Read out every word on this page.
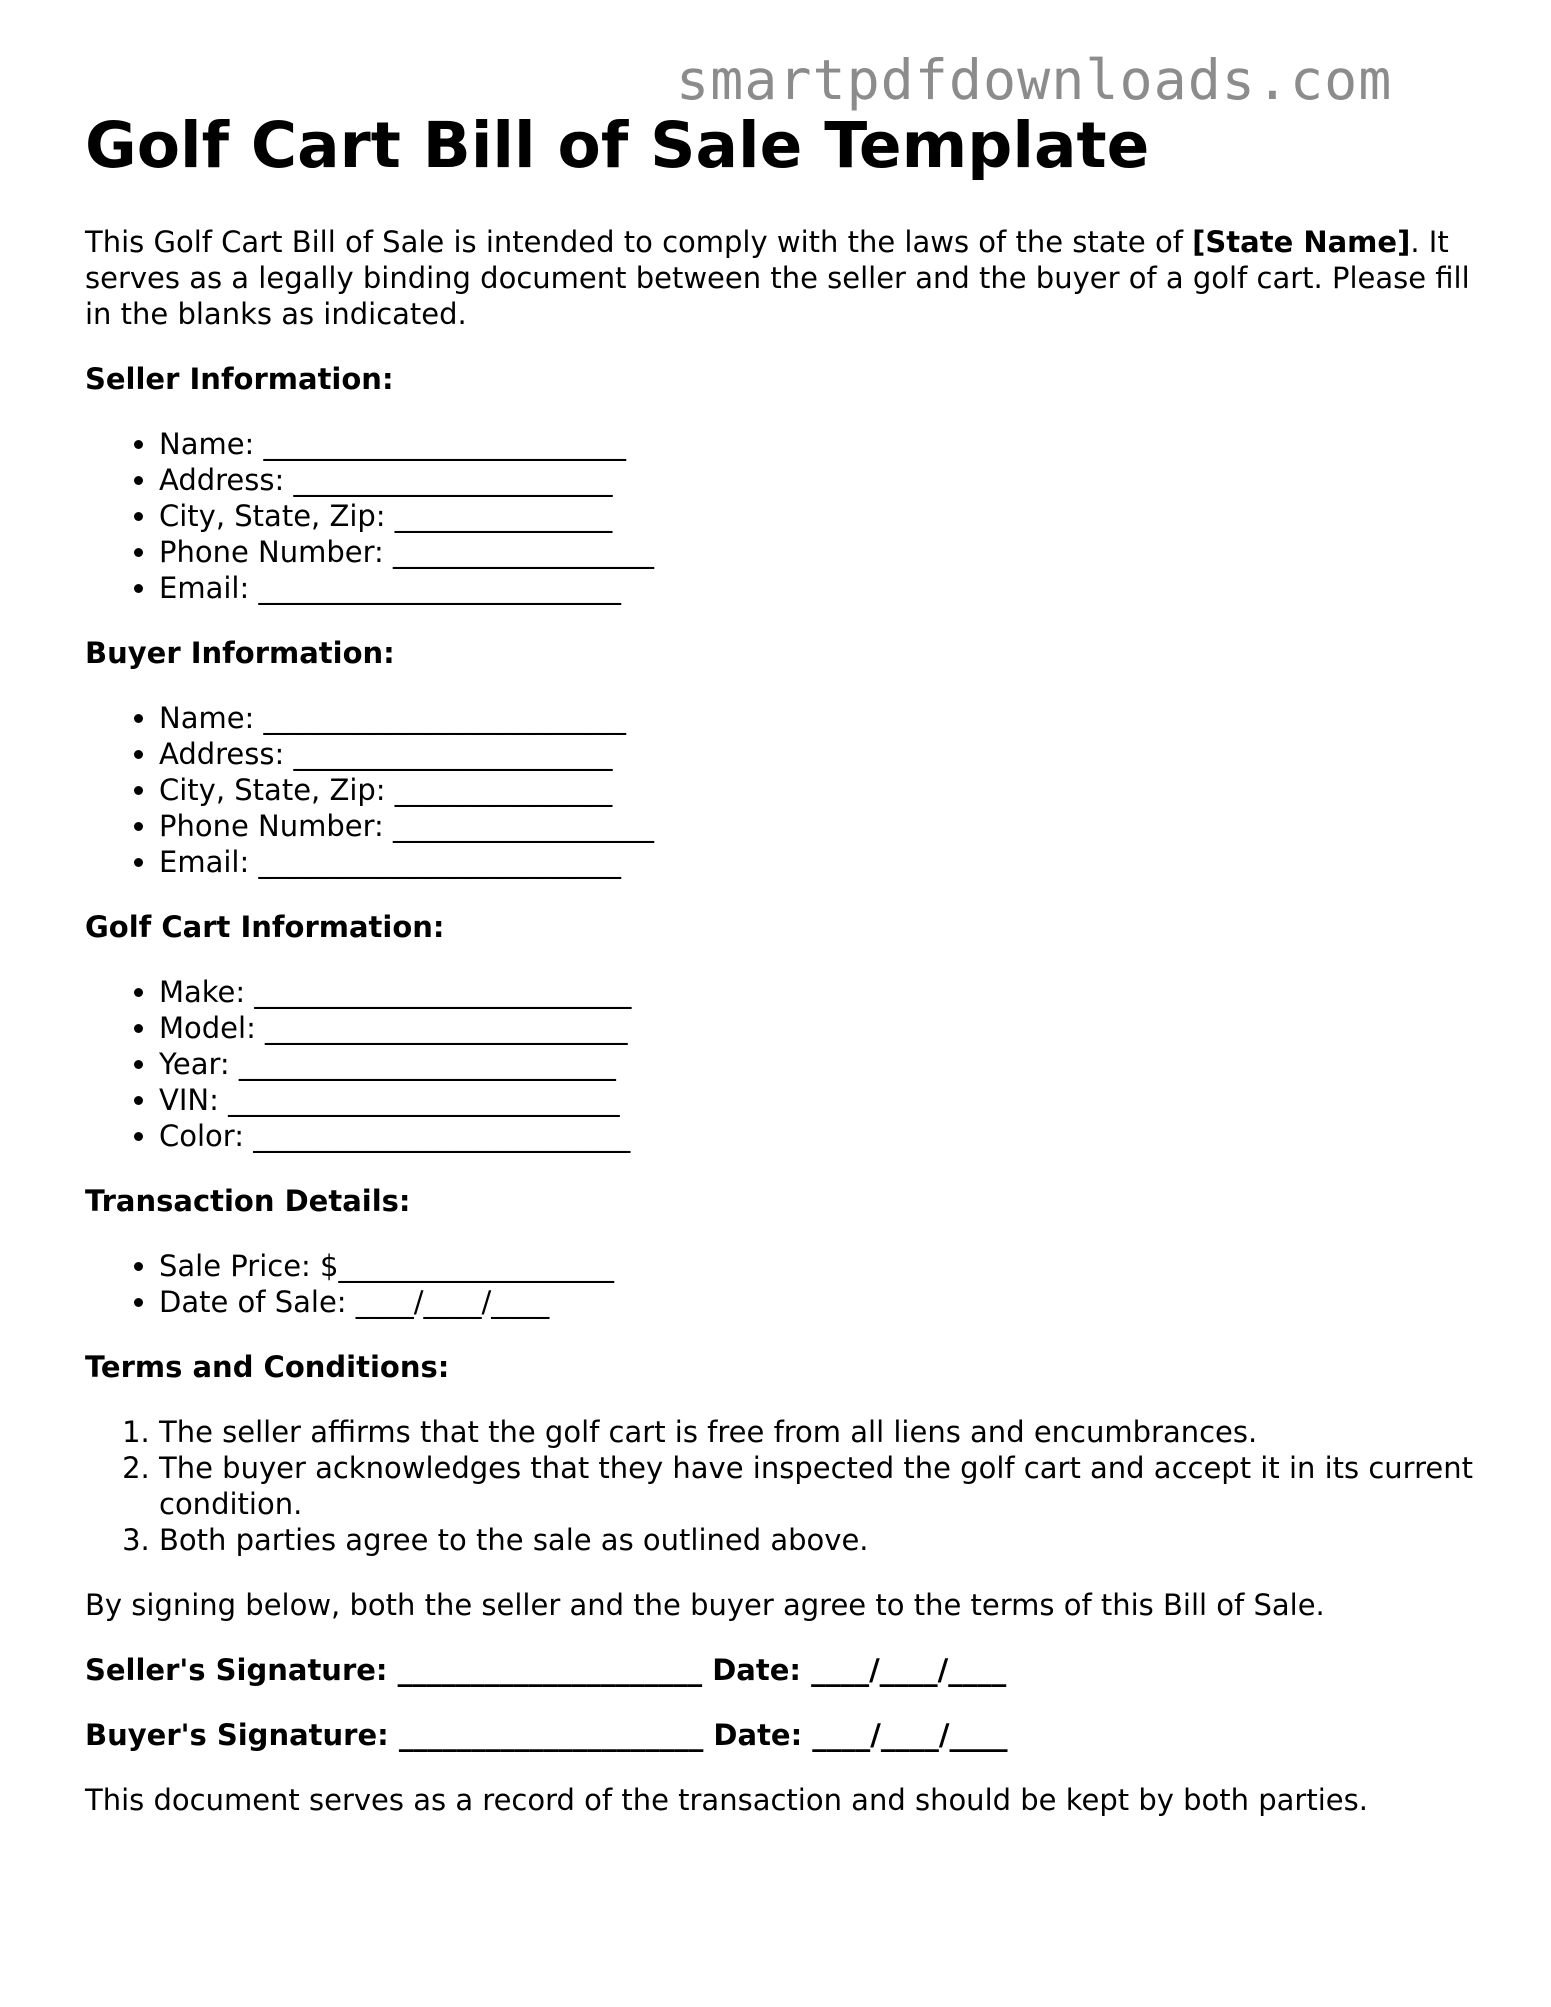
smartpdfdownloads.com
Golf Cart Bill of Sale Template

This Golf Cart Bill of Sale is intended to comply with the laws of the state of [State Name]. It serves as a legally binding document between the seller and the buyer of a golf cart. Please fill in the blanks as indicated.

Seller Information:
• Name: _________________________
• Address: ______________________
• City, State, Zip: _______________
• Phone Number: __________________
• Email: _________________________
Buyer Information:
• Name: _________________________
• Address: ______________________
• City, State, Zip: _______________
• Phone Number: __________________
• Email: _________________________
Golf Cart Information:
• Make: __________________________
• Model: _________________________
• Year: __________________________
• VIN: ___________________________
• Color: __________________________
Transaction Details:
• Sale Price: $___________________
• Date of Sale: ____/____/____
Terms and Conditions:
1. The seller affirms that the golf cart is free from all liens and encumbrances.
2. The buyer acknowledges that they have inspected the golf cart and accept it in its current condition.
3. Both parties agree to the sale as outlined above.

By signing below, both the seller and the buyer agree to the terms of this Bill of Sale.

Seller's Signature: _____________________ Date: ____/____/____

Buyer's Signature: _____________________ Date: ____/____/____

This document serves as a record of the transaction and should be kept by both parties.
